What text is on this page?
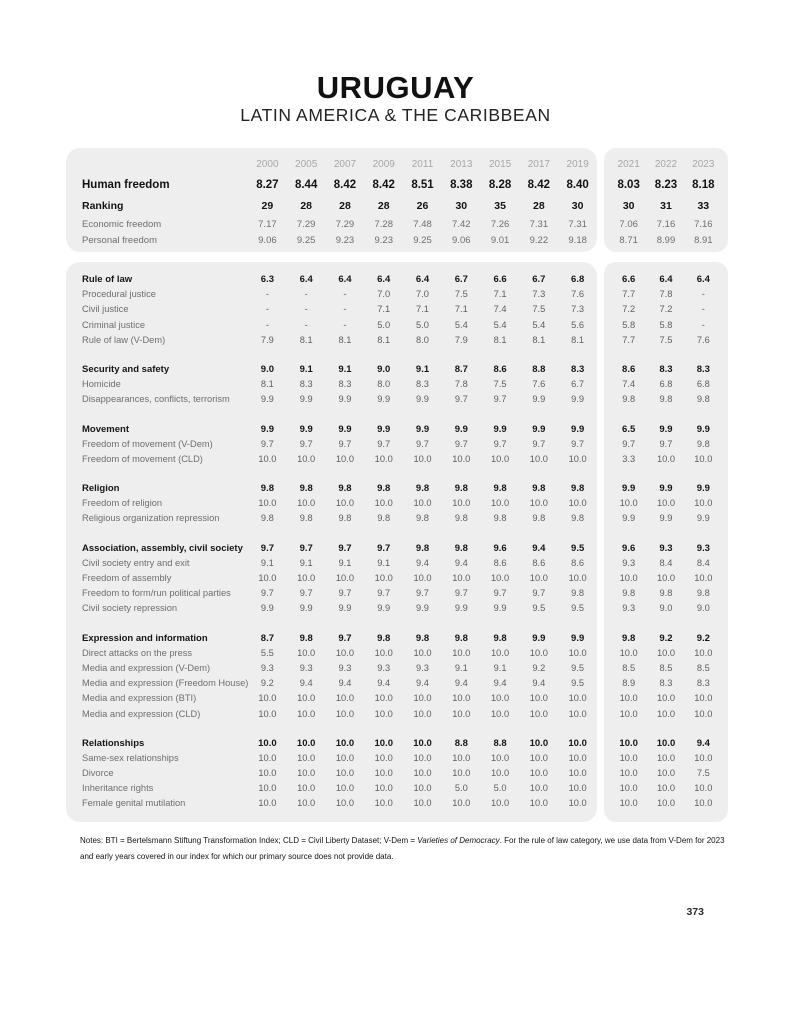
URUGUAY
LATIN AMERICA & THE CARIBBEAN
2000	2005	2007	2009	2011	2013	2015	2017	2019	2021	2022	2023
Human freedom	8.27	8.44	8.42	8.42	8.51	8.38	8.28	8.42	8.40	8.03	8.23	8.18
Ranking	29	28	28	28	26	30	35	28	30	30	31	33
Economic freedom	7.17	7.29	7.29	7.28	7.48	7.42	7.26	7.31	7.31	7.06	7.16	7.16
Personal freedom	9.06	9.25	9.23	9.23	9.25	9.06	9.01	9.22	9.18	8.71	8.99	8.91
Rule of law	6.3	6.4	6.4	6.4	6.4	6.7	6.6	6.7	6.8	6.6	6.4	6.4
Procedural justice	-	-	-	7.0	7.0	7.5	7.1	7.3	7.6	7.7	7.8	-
Civil justice	-	-	-	7.1	7.1	7.1	7.4	7.5	7.3	7.2	7.2	-
Criminal justice	-	-	-	5.0	5.0	5.4	5.4	5.4	5.6	5.8	5.8	-
Rule of law (V-Dem)	7.9	8.1	8.1	8.1	8.0	7.9	8.1	8.1	8.1	7.7	7.5	7.6
Security and safety	9.0	9.1	9.1	9.0	9.1	8.7	8.6	8.8	8.3	8.6	8.3	8.3
Homicide	8.1	8.3	8.3	8.0	8.3	7.8	7.5	7.6	6.7	7.4	6.8	6.8
Disappearances, conflicts, terrorism	9.9	9.9	9.9	9.9	9.9	9.7	9.7	9.9	9.9	9.8	9.8	9.8
Movement	9.9	9.9	9.9	9.9	9.9	9.9	9.9	9.9	9.9	6.5	9.9	9.9
Freedom of movement (V-Dem)	9.7	9.7	9.7	9.7	9.7	9.7	9.7	9.7	9.7	9.7	9.7	9.8
Freedom of movement (CLD)	10.0	10.0	10.0	10.0	10.0	10.0	10.0	10.0	10.0	3.3	10.0	10.0
Religion	9.8	9.8	9.8	9.8	9.8	9.8	9.8	9.8	9.8	9.9	9.9	9.9
Freedom of religion	10.0	10.0	10.0	10.0	10.0	10.0	10.0	10.0	10.0	10.0	10.0	10.0
Religious organization repression	9.8	9.8	9.8	9.8	9.8	9.8	9.8	9.8	9.8	9.9	9.9	9.9
Association, assembly, civil society	9.7	9.7	9.7	9.7	9.8	9.8	9.6	9.4	9.5	9.6	9.3	9.3
Civil society entry and exit	9.1	9.1	9.1	9.1	9.4	9.4	8.6	8.6	8.6	9.3	8.4	8.4
Freedom of assembly	10.0	10.0	10.0	10.0	10.0	10.0	10.0	10.0	10.0	10.0	10.0	10.0
Freedom to form/run political parties	9.7	9.7	9.7	9.7	9.7	9.7	9.7	9.7	9.8	9.8	9.8	9.8
Civil society repression	9.9	9.9	9.9	9.9	9.9	9.9	9.9	9.5	9.5	9.3	9.0	9.0
Expression and information	8.7	9.8	9.7	9.8	9.8	9.8	9.8	9.9	9.9	9.8	9.2	9.2
Direct attacks on the press	5.5	10.0	10.0	10.0	10.0	10.0	10.0	10.0	10.0	10.0	10.0	10.0
Media and expression (V-Dem)	9.3	9.3	9.3	9.3	9.3	9.1	9.1	9.2	9.5	8.5	8.5	8.5
Media and expression (Freedom House)	9.2	9.4	9.4	9.4	9.4	9.4	9.4	9.4	9.5	8.9	8.3	8.3
Media and expression (BTI)	10.0	10.0	10.0	10.0	10.0	10.0	10.0	10.0	10.0	10.0	10.0	10.0
Media and expression (CLD)	10.0	10.0	10.0	10.0	10.0	10.0	10.0	10.0	10.0	10.0	10.0	10.0
Relationships	10.0	10.0	10.0	10.0	10.0	8.8	8.8	10.0	10.0	10.0	10.0	9.4
Same-sex relationships	10.0	10.0	10.0	10.0	10.0	10.0	10.0	10.0	10.0	10.0	10.0	10.0
Divorce	10.0	10.0	10.0	10.0	10.0	10.0	10.0	10.0	10.0	10.0	10.0	7.5
Inheritance rights	10.0	10.0	10.0	10.0	10.0	5.0	5.0	10.0	10.0	10.0	10.0	10.0
Female genital mutilation	10.0	10.0	10.0	10.0	10.0	10.0	10.0	10.0	10.0	10.0	10.0	10.0
Notes: BTI = Bertelsmann Stiftung Transformation Index; CLD = Civil Liberty Dataset; V-Dem = Varieties of Democracy. For the rule of law category, we use data from V-Dem for 2023 and early years covered in our index for which our primary source does not provide data.
373
